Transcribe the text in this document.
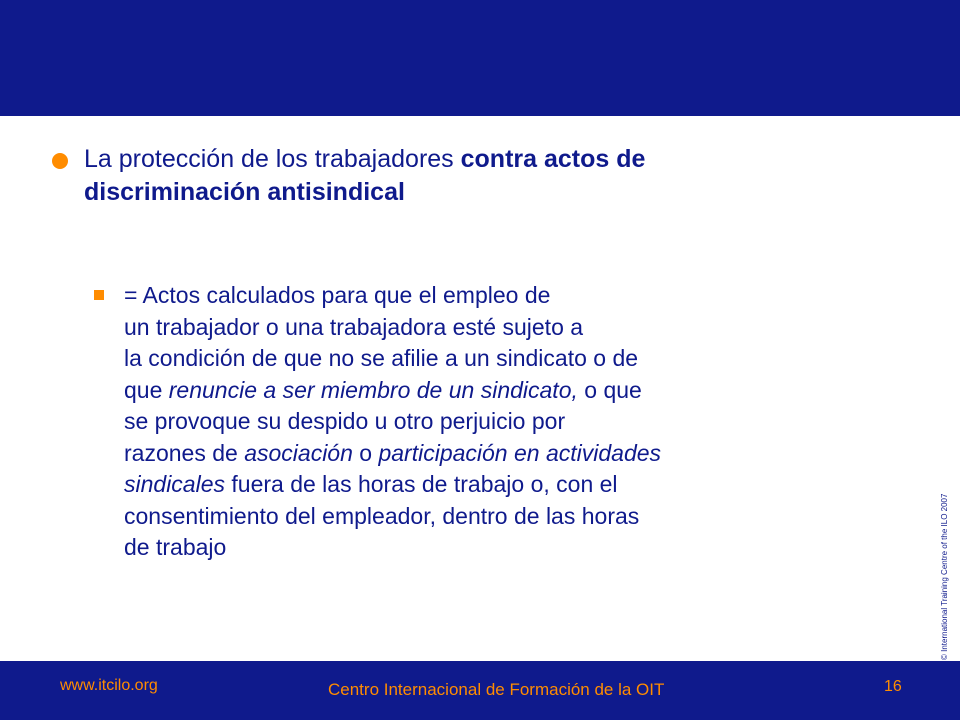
La protección de los trabajadores contra actos de
discriminación antisindical
= Actos calculados para que el empleo de
un trabajador o una trabajadora esté sujeto a
la condición de que no se afilie a un sindicato o de
que renuncie a ser miembro de un sindicato, o que
se provoque su despido u otro perjuicio por
razones de asociación o participación en actividades
sindicales fuera de las horas de trabajo o, con el
consentimiento del empleador, dentro de las horas
de trabajo	© International Training Centre of the ILO 2007
www.itcilo.org	Centro Internacional de Formación de la OIT	16
